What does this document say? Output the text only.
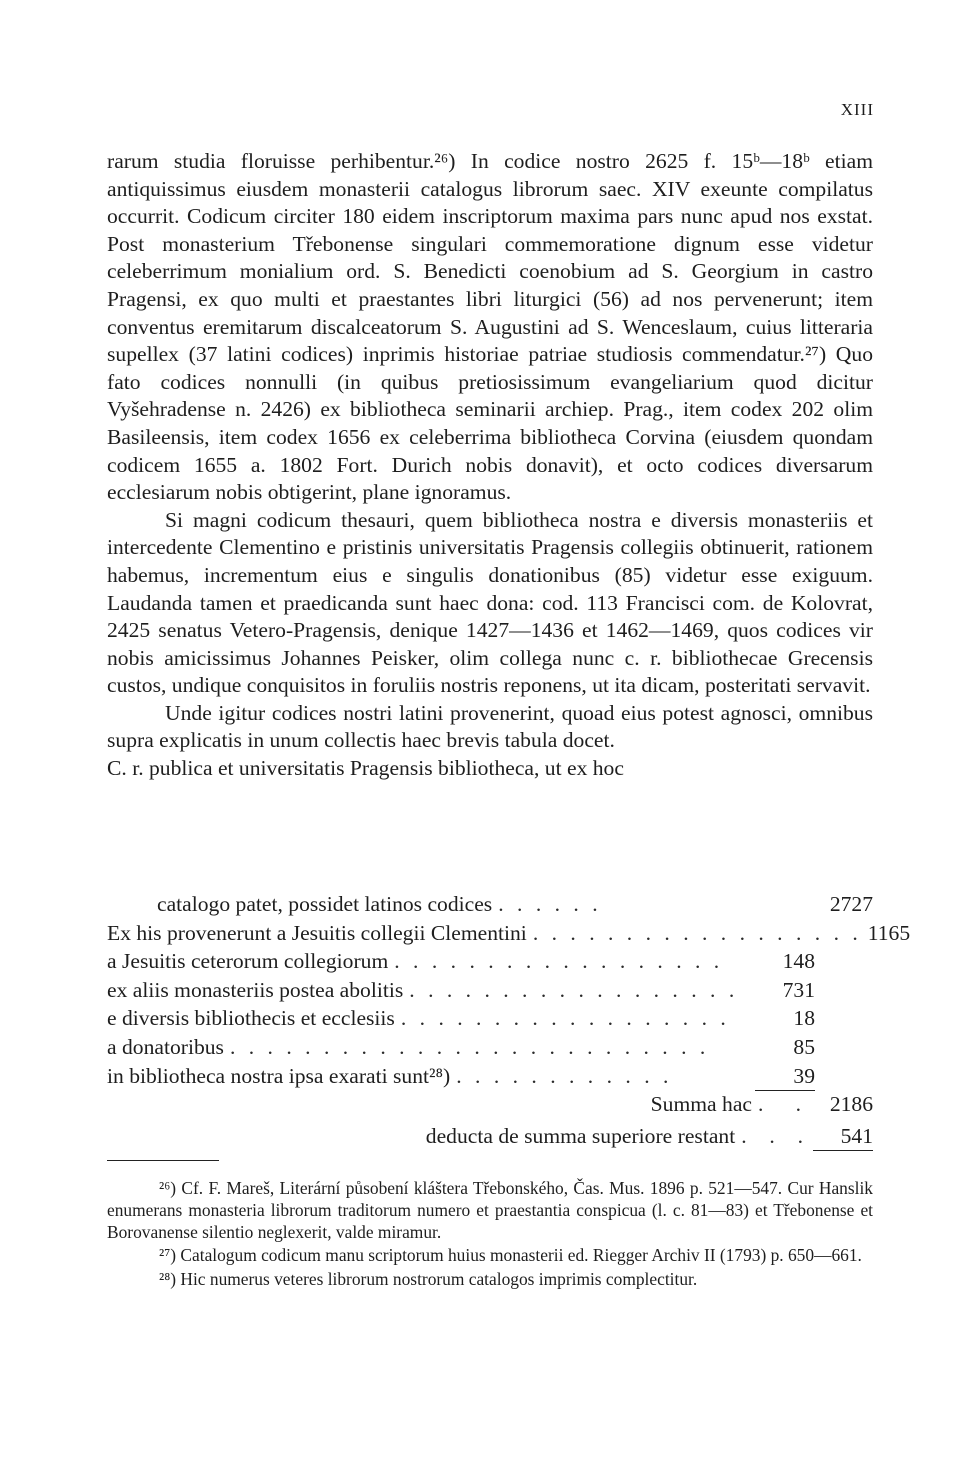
XIII

rarum studia floruisse perhibentur.²⁶) In codice nostro 2625 f. 15ᵇ—18ᵇ etiam antiquissimus eiusdem monasterii catalogus librorum saec. XIV exeunte compilatus occurrit. Codicum circiter 180 eidem inscriptorum maxima pars nunc apud nos exstat. Post monasterium Třebonense singulari commemoratione dignum esse videtur celeberrimum monialium ord. S. Benedicti coenobium ad S. Georgium in castro Pragensi, ex quo multi et praestantes libri liturgici (56) ad nos pervenerunt; item conventus eremitarum discalceatorum S. Augustini ad S. Wenceslaum, cuius litteraria supellex (37 latini codices) inprimis historiae patriae studiosis commendatur.²⁷) Quo fato codices nonnulli (in quibus pretiosissimum evangeliarium quod dicitur Vyšehradense n. 2426) ex bibliotheca seminarii archiep. Prag., item codex 202 olim Basileensis, item codex 1656 ex celeberrima bibliotheca Corvina (eiusdem quondam codicem 1655 a. 1802 Fort. Durich nobis donavit), et octo codices diversarum ecclesiarum nobis obtigerint, plane ignoramus.

Si magni codicum thesauri, quem bibliotheca nostra e diversis monasteriis et intercedente Clementino e pristinis universitatis Pragensis collegiis obtinuerit, rationem habemus, incrementum eius e singulis donationibus (85) videtur esse exiguum. Laudanda tamen et praedicanda sunt haec dona: cod. 113 Francisci com. de Kolovrat, 2425 senatus Vetero-Pragensis, denique 1427—1436 et 1462—1469, quos codices vir nobis amicissimus Johannes Peisker, olim collega nunc c. r. bibliothecae Grecensis custos, undique conquisitos in foruliis nostris reponens, ut ita dicam, posteritati servavit.

Unde igitur codices nostri latini provenerint, quoad eius potest agnosci, omnibus supra explicatis in unum collectis haec brevis tabula docet.

C. r. publica et universitatis Pragensis bibliotheca, ut ex hoc

catalogo patet, possidet latinos codices . . . . . .	2727
Ex his provenerunt a Jesuitis collegii Clementini . . . . . . . . . . . . . . . . . . 1165
a Jesuitis ceterorum collegiorum . . . . . . . . . . . . . . . . . .	148
ex aliis monasteriis postea abolitis . . . . . . . . . . . . . . . . . .	731
e diversis bibliothecis et ecclesiis . . . . . . . . . . . . . . . . . .	18
a donatoribus . . . . . . . . . . . . . . . . . . . . . . . . . .	85
in bibliotheca nostra ipsa exarati sunt²⁸) . . . . . . . . . . . .	39
Summa hac .   .	2186
deducta de summa superiore restant .  .  .	541

²⁶) Cf. F. Mareš, Literární působení kláštera Třebonského, Čas. Mus. 1896 p. 521—547. Cur Hanslik enumerans monasteria librorum traditorum numero et praestantia conspicua (l. c. 81—83) et Třebonense et Borovanense silentio neglexerit, valde miramur.

²⁷) Catalogum codicum manu scriptorum huius monasterii ed. Riegger Archiv II (1793) p. 650—661.

²⁸) Hic numerus veteres librorum nostrorum catalogos imprimis complectitur.
